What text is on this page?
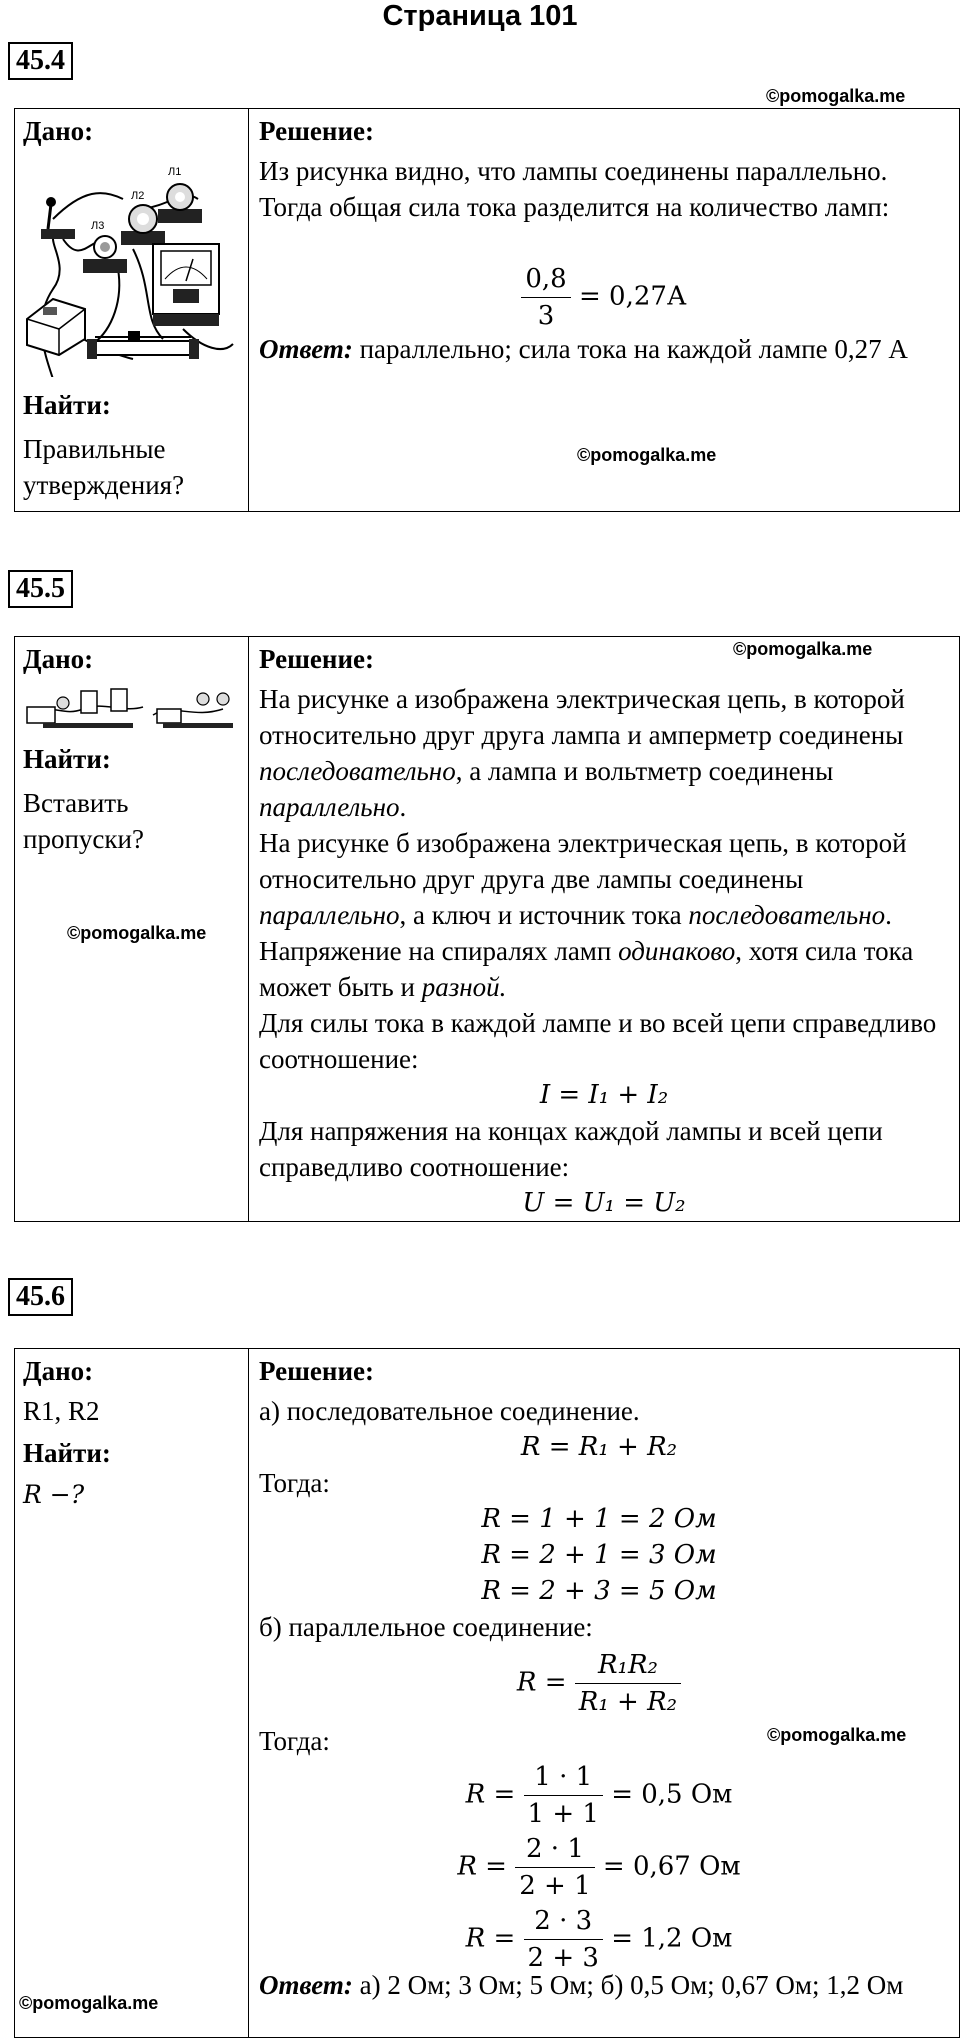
Страница 101
45.4
©pomogalka.me
Дано:
Л3
Л2
Л1
Найти:
Правильные утверждения?
Решение:
Из рисунка видно, что лампы соединены параллельно. Тогда общая сила тока разделится на количество ламп:
$\frac{0,8}{3} = 0,27А$
Ответ: параллельно; сила тока на каждой лампе 0,27 А
©pomogalka.me
45.5
Дано:
Найти:
Вставить пропуски?
©pomogalka.me
Решение:	©pomogalka.me

На рисунке а изображена электрическая цепь, в которой относительно друг друга лампа и амперметр соединены последовательно, а лампа и вольтметр соединены параллельно.

На рисунке б изображена электрическая цепь, в которой относительно друг друга две лампы соединены параллельно, а ключ и источник тока последовательно. Напряжение на спиралях ламп одинаково, хотя сила тока может быть и разной.

Для силы тока в каждой лампе и во всей цепи справедливо соотношение:

I = I₁ + I₂

Для напряжения на концах каждой лампы и всей цепи справедливо соотношение:

U = U₁ = U₂
45.6
Дано:
R1, R2
Найти:
R −?
©pomogalka.me
Решение:
а) последовательное соединение.
R = R₁ + R₂
Тогда:
R = 1 + 1 = 2 Ом
R = 2 + 1 = 3 Ом
R = 2 + 3 = 5 Ом
б) параллельное соединение:
$R = \frac{\text{R₁R₂}}{\text{R₁ + R₂}}$
Тогда:	©pomogalka.me
$R = \frac{1 \cdot 1}{1 + 1} = 0,5$ Ом
$R = \frac{2 \cdot 1}{2 + 1} = 0,67$ Ом
$R = \frac{2 \cdot 3}{2 + 3} = 1,2$ Ом
Ответ: а) 2 Ом; 3 Ом; 5 Ом; б) 0,5 Ом; 0,67 Ом; 1,2 Ом
